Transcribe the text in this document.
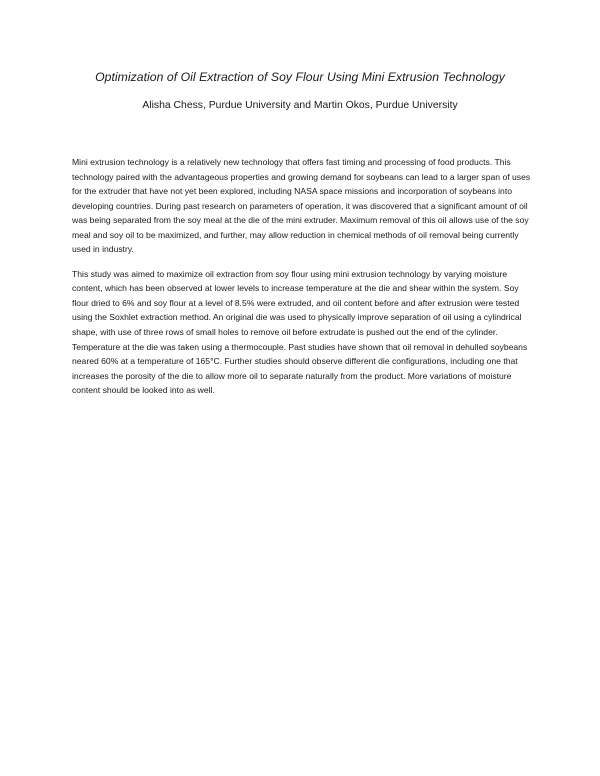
Optimization of Oil Extraction of Soy Flour Using Mini Extrusion Technology
Alisha Chess, Purdue University and Martin Okos, Purdue University

Mini extrusion technology is a relatively new technology that offers fast timing and processing of food products. This technology paired with the advantageous properties and growing demand for soybeans can lead to a larger span of uses for the extruder that have not yet been explored, including NASA space missions and incorporation of soybeans into developing countries. During past research on parameters of operation, it was discovered that a significant amount of oil was being separated from the soy meal at the die of the mini extruder. Maximum removal of this oil allows use of the soy meal and soy oil to be maximized, and further, may allow reduction in chemical methods of oil removal being currently used in industry.

This study was aimed to maximize oil extraction from soy flour using mini extrusion technology by varying moisture content, which has been observed at lower levels to increase temperature at the die and shear within the system. Soy flour dried to 6% and soy flour at a level of 8.5% were extruded, and oil content before and after extrusion were tested using the Soxhlet extraction method. An original die was used to physically improve separation of oil using a cylindrical shape, with use of three rows of small holes to remove oil before extrudate is pushed out the end of the cylinder. Temperature at the die was taken using a thermocouple. Past studies have shown that oil removal in dehulled soybeans neared 60% at a temperature of 165°C. Further studies should observe different die configurations, including one that increases the porosity of the die to allow more oil to separate naturally from the product. More variations of moisture content should be looked into as well.
